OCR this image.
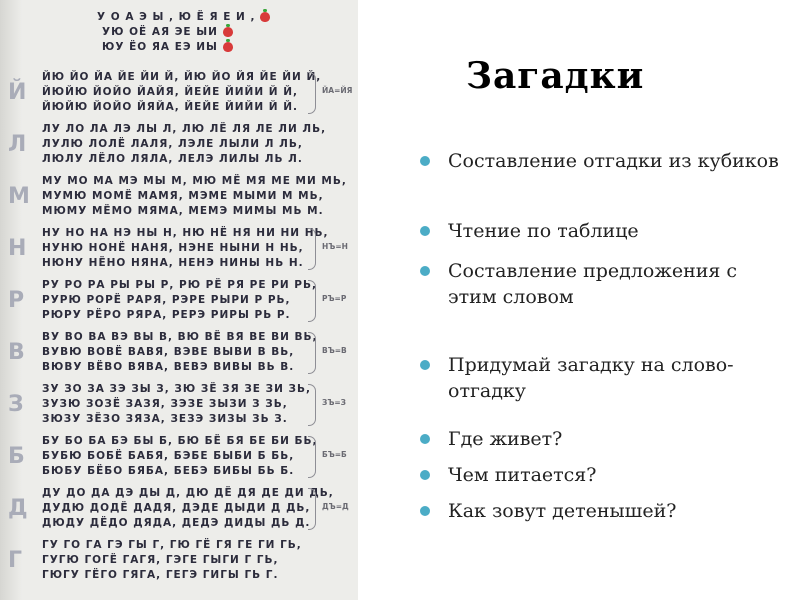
У О А Э Ы , Ю Ё Я Е И ,
УЮ ОЁ АЯ ЭЕ ЫИ
ЮУ ЁО ЯА ЕЭ ИЫ
Й
Л
М
Н
Р
В
З
Б
Д
Г
ЙЮ ЙО ЙА ЙЕ ЙИ Й, ЙЮ ЙО ЙЯ ЙЕ ЙИ Й,
ЙЮЙЮ ЙОЙО ЙАЙЯ, ЙЕЙЕ ЙИЙИ Й Й,
ЙЮЙЮ ЙОЙО ЙЯЙА, ЙЕЙЕ ЙИЙИ Й Й.
ЛУ ЛО ЛА ЛЭ ЛЫ Л, ЛЮ ЛЁ ЛЯ ЛЕ ЛИ ЛЬ,
ЛУЛЮ ЛОЛЁ ЛАЛЯ, ЛЭЛЕ ЛЫЛИ Л ЛЬ,
ЛЮЛУ ЛЁЛО ЛЯЛА, ЛЕЛЭ ЛИЛЫ ЛЬ Л.
МУ МО МА МЭ МЫ М, МЮ МЁ МЯ МЕ МИ МЬ,
МУМЮ МОМЁ МАМЯ, МЭМЕ МЫМИ М МЬ,
МЮМУ МЁМО МЯМА, МЕМЭ МИМЫ МЬ М.
НУ НО НА НЭ НЫ Н, НЮ НЁ НЯ НИ НИ НЬ,
НУНЮ НОНЁ НАНЯ, НЭНЕ НЫНИ Н НЬ,
НЮНУ НЁНО НЯНА, НЕНЭ НИНЫ НЬ Н.
РУ РО РА РЫ РЫ Р, РЮ РЁ РЯ РЕ РИ РЬ,
РУРЮ РОРЁ РАРЯ, РЭРЕ РЫРИ Р РЬ,
РЮРУ РЁРО РЯРА, РЕРЭ РИРЫ РЬ Р.
ВУ ВО ВА ВЭ ВЫ В, ВЮ ВЁ ВЯ ВЕ ВИ ВЬ,
ВУВЮ ВОВЁ ВАВЯ, ВЭВЕ ВЫВИ В ВЬ,
ВЮВУ ВЁВО ВЯВА, ВЕВЭ ВИВЫ ВЬ В.
ЗУ ЗО ЗА ЗЭ ЗЫ З, ЗЮ ЗЁ ЗЯ ЗЕ ЗИ ЗЬ,
ЗУЗЮ ЗОЗЁ ЗАЗЯ, ЗЭЗЕ ЗЫЗИ З ЗЬ,
ЗЮЗУ ЗЁЗО ЗЯЗА, ЗЕЗЭ ЗИЗЫ ЗЬ З.
БУ БО БА БЭ БЫ Б, БЮ БЁ БЯ БЕ БИ БЬ,
БУБЮ БОБЁ БАБЯ, БЭБЕ БЫБИ Б БЬ,
БЮБУ БЁБО БЯБА, БЕБЭ БИБЫ БЬ Б.
ДУ ДО ДА ДЭ ДЫ Д, ДЮ ДЁ ДЯ ДЕ ДИ ДЬ,
ДУДЮ ДОДЁ ДАДЯ, ДЭДЕ ДЫДИ Д ДЬ,
ДЮДУ ДЁДО ДЯДА, ДЕДЭ ДИДЫ ДЬ Д.
ГУ ГО ГА ГЭ ГЫ Г, ГЮ ГЁ ГЯ ГЕ ГИ ГЬ,
ГУГЮ ГОГЁ ГАГЯ, ГЭГЕ ГЫГИ Г ГЬ,
ГЮГУ ГЁГО ГЯГА, ГЕГЭ ГИГЫ ГЬ Г.
ЙА=ЙЯ
НЪ=Н
РЪ=Р
ВЪ=В
ЗЪ=З
БЪ=Б
ДЪ=Д
Загадки
Составление отгадки из кубиков
Чтение по таблице
Составление предложения с этим словом
Придумай загадку на слово-отгадку
Где живет?
Чем питается?
Как зовут детенышей?
